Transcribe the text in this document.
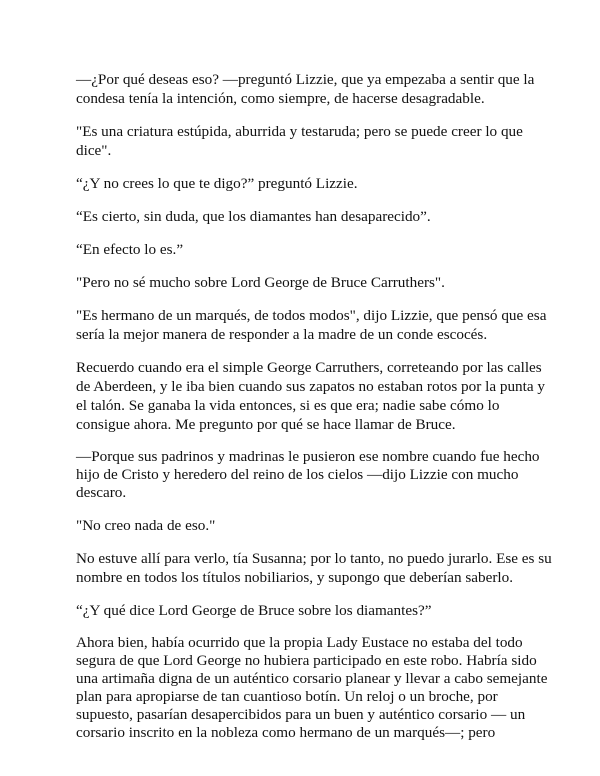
—¿Por qué deseas eso? —preguntó Lizzie, que ya empezaba a sentir que la condesa tenía la intención, como siempre, de hacerse desagradable.

"Es una criatura estúpida, aburrida y testaruda; pero se puede creer lo que dice".

“¿Y no crees lo que te digo?” preguntó Lizzie.

“Es cierto, sin duda, que los diamantes han desaparecido”.

“En efecto lo es.”

"Pero no sé mucho sobre Lord George de Bruce Carruthers".

"Es hermano de un marqués, de todos modos", dijo Lizzie, que pensó que esa sería la mejor manera de responder a la madre de un conde escocés.

Recuerdo cuando era el simple George Carruthers, correteando por las calles de Aberdeen, y le iba bien cuando sus zapatos no estaban rotos por la punta y el talón. Se ganaba la vida entonces, si es que era; nadie sabe cómo lo consigue ahora. Me pregunto por qué se hace llamar de Bruce.

—Porque sus padrinos y madrinas le pusieron ese nombre cuando fue hecho hijo de Cristo y heredero del reino de los cielos —dijo Lizzie con mucho descaro.

"No creo nada de eso."

No estuve allí para verlo, tía Susanna; por lo tanto, no puedo jurarlo. Ese es su nombre en todos los títulos nobiliarios, y supongo que deberían saberlo.

“¿Y qué dice Lord George de Bruce sobre los diamantes?”

Ahora bien, había ocurrido que la propia Lady Eustace no estaba del todo segura de que Lord George no hubiera participado en este robo. Habría sido una artimaña digna de un auténtico corsario planear y llevar a cabo semejante plan para apropiarse de tan cuantioso botín. Un reloj o un broche, por supuesto, pasarían desapercibidos para un buen y auténtico corsario — un corsario inscrito en la nobleza como hermano de un marqués—; pero
